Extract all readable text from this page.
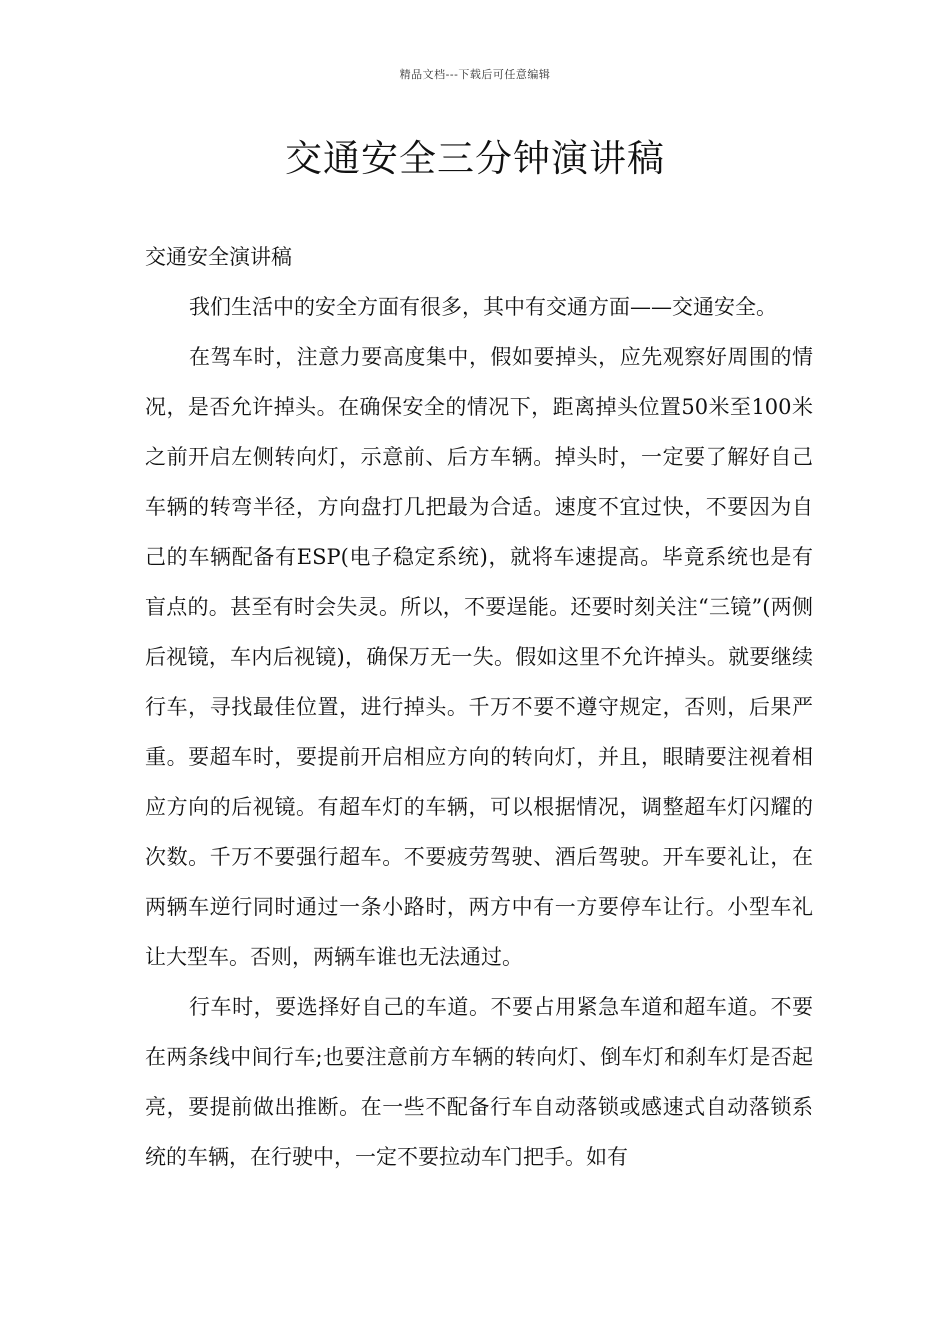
精品文档---下载后可任意编辑
交通安全三分钟演讲稿

交通安全演讲稿

我们生活中的安全方面有很多，其中有交通方面——交通安全。

在驾车时，注意力要高度集中，假如要掉头，应先观察好周围的情况，是否允许掉头。在确保安全的情况下，距离掉头位置50米至100米之前开启左侧转向灯，示意前、后方车辆。掉头时，一定要了解好自己车辆的转弯半径，方向盘打几把最为合适。速度不宜过快，不要因为自己的车辆配备有ESP(电子稳定系统)，就将车速提高。毕竟系统也是有盲点的。甚至有时会失灵。所以，不要逞能。还要时刻关注“三镜”(两侧后视镜，车内后视镜)，确保万无一失。假如这里不允许掉头。就要继续行车，寻找最佳位置，进行掉头。千万不要不遵守规定，否则，后果严重。要超车时，要提前开启相应方向的转向灯，并且，眼睛要注视着相应方向的后视镜。有超车灯的车辆，可以根据情况，调整超车灯闪耀的次数。千万不要强行超车。不要疲劳驾驶、酒后驾驶。开车要礼让，在两辆车逆行同时通过一条小路时，两方中有一方要停车让行。小型车礼让大型车。否则，两辆车谁也无法通过。

行车时，要选择好自己的车道。不要占用紧急车道和超车道。不要在两条线中间行车;也要注意前方车辆的转向灯、倒车灯和刹车灯是否起亮，要提前做出推断。在一些不配备行车自动落锁或感速式自动落锁系统的车辆，在行驶中，一定不要拉动车门把手。如有
